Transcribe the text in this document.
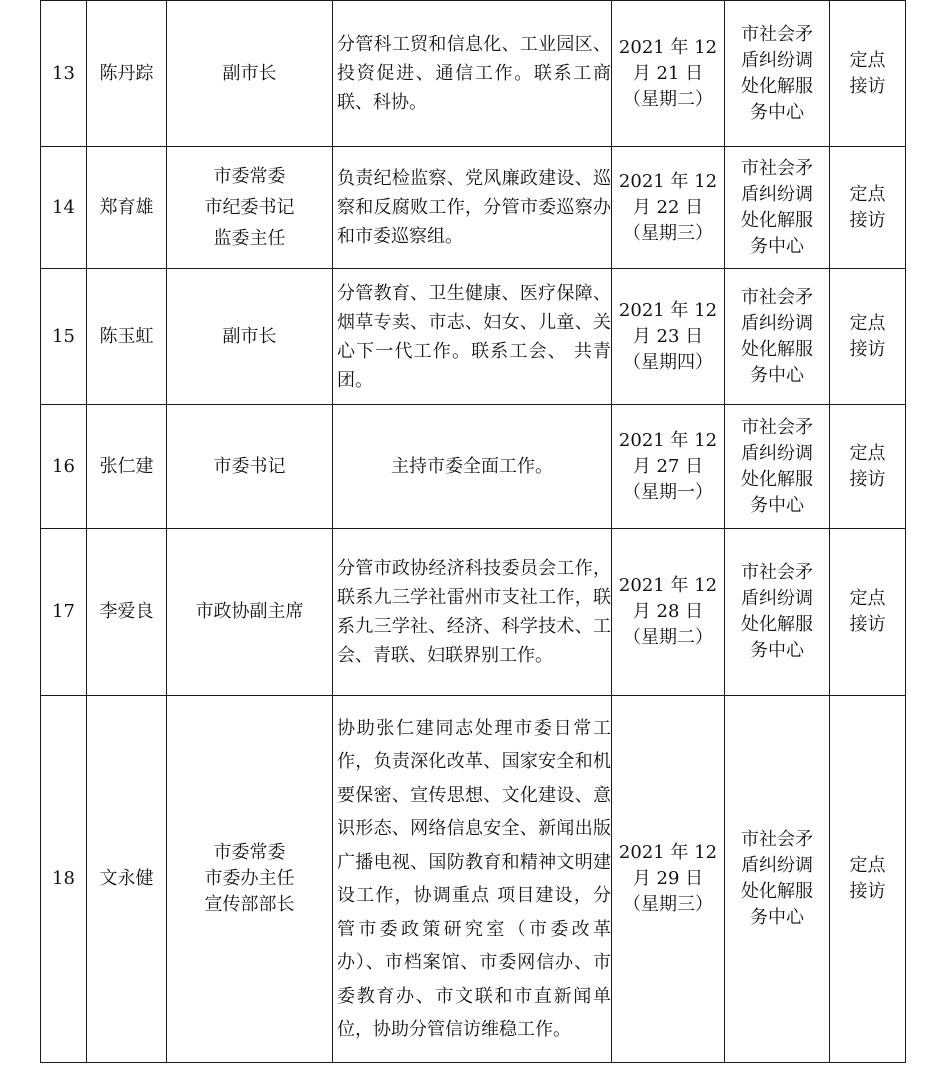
13	陈丹踪	副市长	分管科工贸和信息化、工业园区、投资促进、通信工作。联系工商联、科协。	2021 年 12
月 21 日
（星期二）	市社会矛
盾纠纷调
处化解服
务中心	定点
接访

14	郑育雄	市委常委
市纪委书记
监委主任	负责纪检监察、党风廉政建设、巡察和反腐败工作，分管市委巡察办和市委巡察组。	2021 年 12
月 22 日
（星期三）	市社会矛
盾纠纷调
处化解服
务中心	定点
接访

15	陈玉虹	副市长	分管教育、卫生健康、医疗保障、烟草专卖、市志、妇女、儿童、关心下一代工作。联系工会、 共青团。	2021 年 12
月 23 日
（星期四）	市社会矛
盾纠纷调
处化解服
务中心	定点
接访

16	张仁建	市委书记	主持市委全面工作。	2021 年 12
月 27 日
（星期一）	市社会矛
盾纠纷调
处化解服
务中心	定点
接访

17	李爱良	市政协副主席	分管市政协经济科技委员会工作，联系九三学社雷州市支社工作，联系九三学社、经济、科学技术、工会、青联、妇联界别工作。	2021 年 12
月 28 日
（星期二）	市社会矛
盾纠纷调
处化解服
务中心	定点
接访

18	文永健	市委常委
市委办主任
宣传部部长	协助张仁建同志处理市委日常工作，负责深化改革、国家安全和机要保密、宣传思想、文化建设、意识形态、网络信息安全、新闻出版广播电视、国防教育和精神文明建设工作，协调重点 项目建设，分管市委政策研究室（市委改革办）、市档案馆、市委网信办、市委教育办、市文联和市直新闻单位，协助分管信访维稳工作。	2021 年 12
月 29 日
（星期三）	市社会矛
盾纠纷调
处化解服
务中心	定点
接访
